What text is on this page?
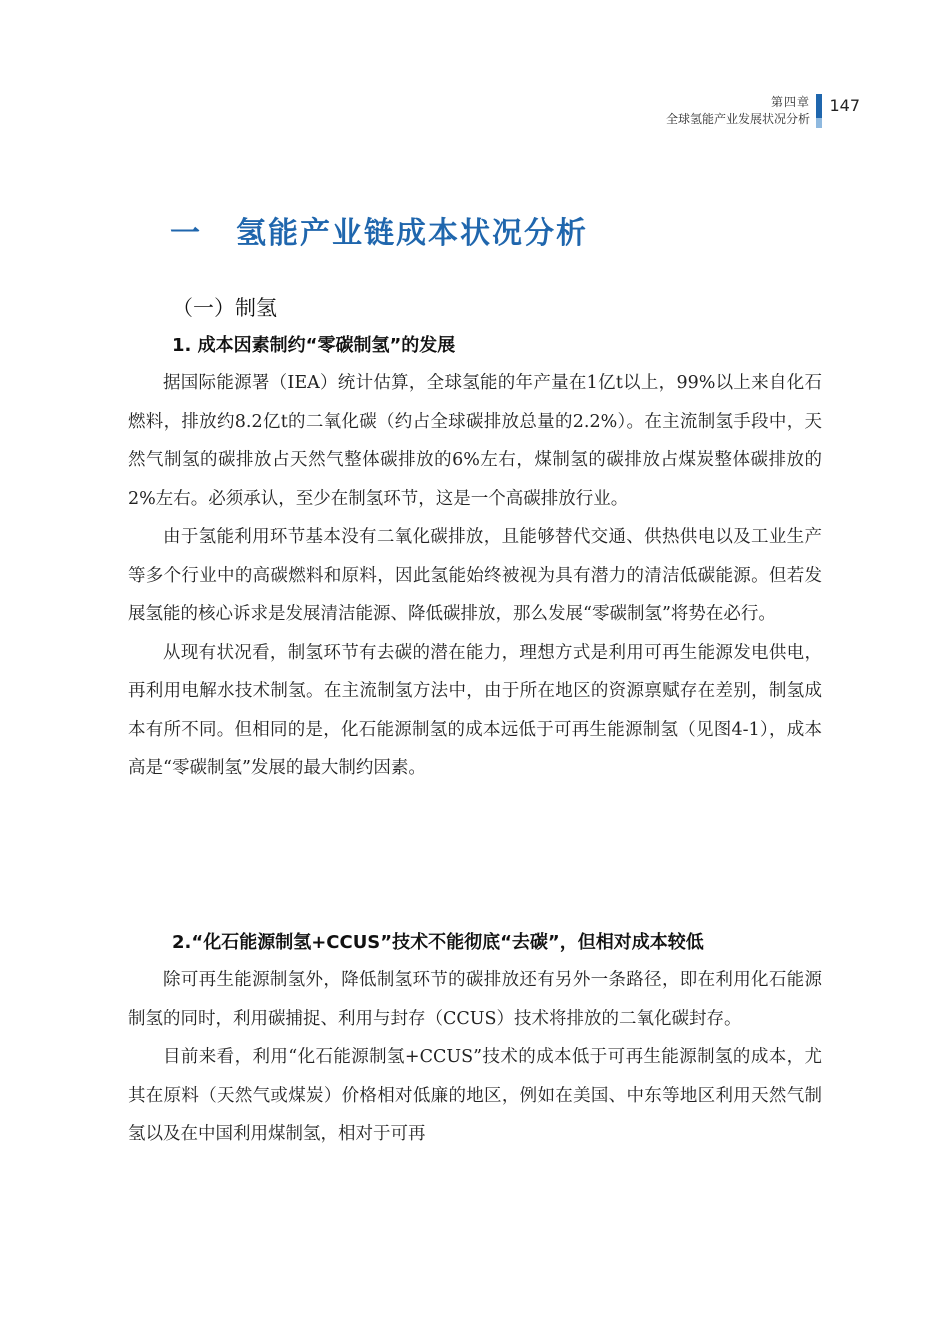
第四章
全球氢能产业发展状况分析
147
一 氢能产业链成本状况分析
（一）制氢
1. 成本因素制约“零碳制氢”的发展

据国际能源署（IEA）统计估算，全球氢能的年产量在1亿t以上，99%以上来自化石燃料，排放约8.2亿t的二氧化碳（约占全球碳排放总量的2.2%）。在主流制氢手段中，天然气制氢的碳排放占天然气整体碳排放的6%左右，煤制氢的碳排放占煤炭整体碳排放的2%左右。必须承认，至少在制氢环节，这是一个高碳排放行业。

由于氢能利用环节基本没有二氧化碳排放，且能够替代交通、供热供电以及工业生产等多个行业中的高碳燃料和原料，因此氢能始终被视为具有潜力的清洁低碳能源。但若发展氢能的核心诉求是发展清洁能源、降低碳排放，那么发展“零碳制氢”将势在必行。

从现有状况看，制氢环节有去碳的潜在能力，理想方式是利用可再生能源发电供电，再利用电解水技术制氢。在主流制氢方法中，由于所在地区的资源禀赋存在差别，制氢成本有所不同。但相同的是，化石能源制氢的成本远低于可再生能源制氢（见图4-1），成本高是“零碳制氢”发展的最大制约因素。

2.“化石能源制氢+CCUS”技术不能彻底“去碳”，但相对成本较低

除可再生能源制氢外，降低制氢环节的碳排放还有另外一条路径，即在利用化石能源制氢的同时，利用碳捕捉、利用与封存（CCUS）技术将排放的二氧化碳封存。

目前来看，利用“化石能源制氢+CCUS”技术的成本低于可再生能源制氢的成本，尤其在原料（天然气或煤炭）价格相对低廉的地区，例如在美国、中东等地区利用天然气制氢以及在中国利用煤制氢，相对于可再
